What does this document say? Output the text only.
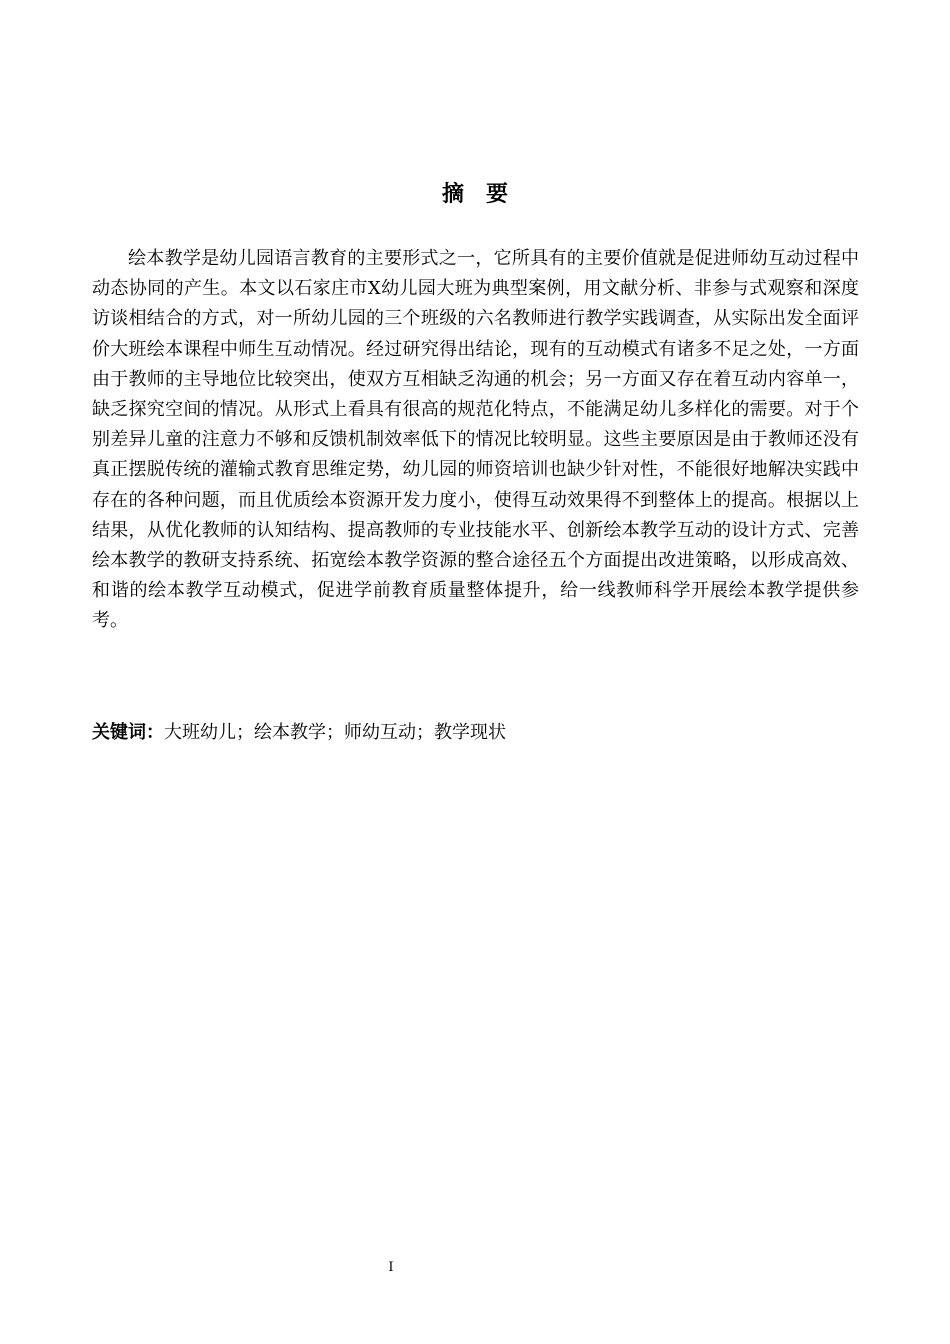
摘要
绘本教学是幼儿园语言教育的主要形式之一，它所具有的主要价值就是促进师幼互动过程中动态协同的产生。本文以石家庄市X幼儿园大班为典型案例，用文献分析、非参与式观察和深度访谈相结合的方式，对一所幼儿园的三个班级的六名教师进行教学实践调查，从实际出发全面评价大班绘本课程中师生互动情况。经过研究得出结论，现有的互动模式有诸多不足之处，一方面由于教师的主导地位比较突出，使双方互相缺乏沟通的机会；另一方面又存在着互动内容单一，缺乏探究空间的情况。从形式上看具有很高的规范化特点，不能满足幼儿多样化的需要。对于个别差异儿童的注意力不够和反馈机制效率低下的情况比较明显。这些主要原因是由于教师还没有真正摆脱传统的灌输式教育思维定势，幼儿园的师资培训也缺少针对性，不能很好地解决实践中存在的各种问题，而且优质绘本资源开发力度小，使得互动效果得不到整体上的提高。根据以上结果，从优化教师的认知结构、提高教师的专业技能水平、创新绘本教学互动的设计方式、完善绘本教学的教研支持系统、拓宽绘本教学资源的整合途径五个方面提出改进策略，以形成高效、和谐的绘本教学互动模式，促进学前教育质量整体提升，给一线教师科学开展绘本教学提供参考。
关键词：大班幼儿；绘本教学；师幼互动；教学现状
I
